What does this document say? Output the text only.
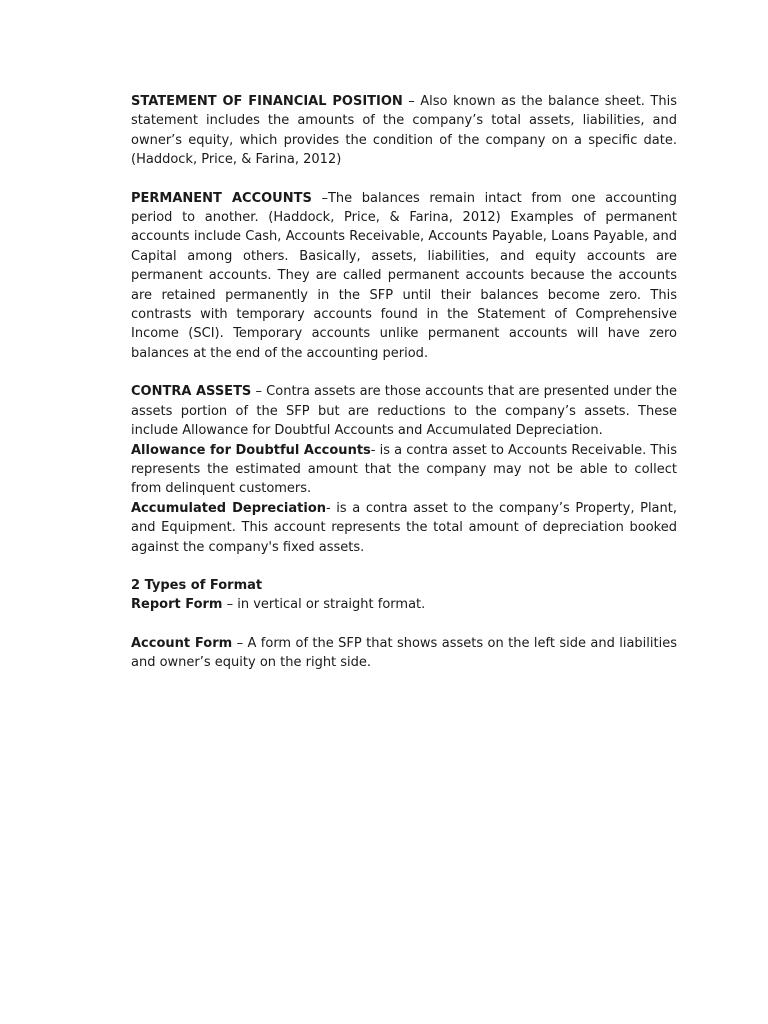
STATEMENT OF FINANCIAL POSITION – Also known as the balance sheet. This statement includes the amounts of the company’s total assets, liabilities, and owner’s equity, which provides the condition of the company on a specific date. (Haddock, Price, & Farina, 2012)

PERMANENT ACCOUNTS –The balances remain intact from one accounting period to another. (Haddock, Price, & Farina, 2012) Examples of permanent accounts include Cash, Accounts Receivable, Accounts Payable, Loans Payable, and Capital among others. Basically, assets, liabilities, and equity accounts are permanent accounts. They are called permanent accounts because the accounts are retained permanently in the SFP until their balances become zero. This contrasts with temporary accounts found in the Statement of Comprehensive Income (SCI). Temporary accounts unlike permanent accounts will have zero balances at the end of the accounting period.

CONTRA ASSETS – Contra assets are those accounts that are presented under the assets portion of the SFP but are reductions to the company’s assets. These include Allowance for Doubtful Accounts and Accumulated Depreciation.

Allowance for Doubtful Accounts- is a contra asset to Accounts Receivable. This represents the estimated amount that the company may not be able to collect from delinquent customers.

Accumulated Depreciation- is a contra asset to the company’s Property, Plant, and Equipment. This account represents the total amount of depreciation booked against the company's fixed assets.

2 Types of Format

Report Form – in vertical or straight format.

Account Form – A form of the SFP that shows assets on the left side and liabilities and owner’s equity on the right side.
